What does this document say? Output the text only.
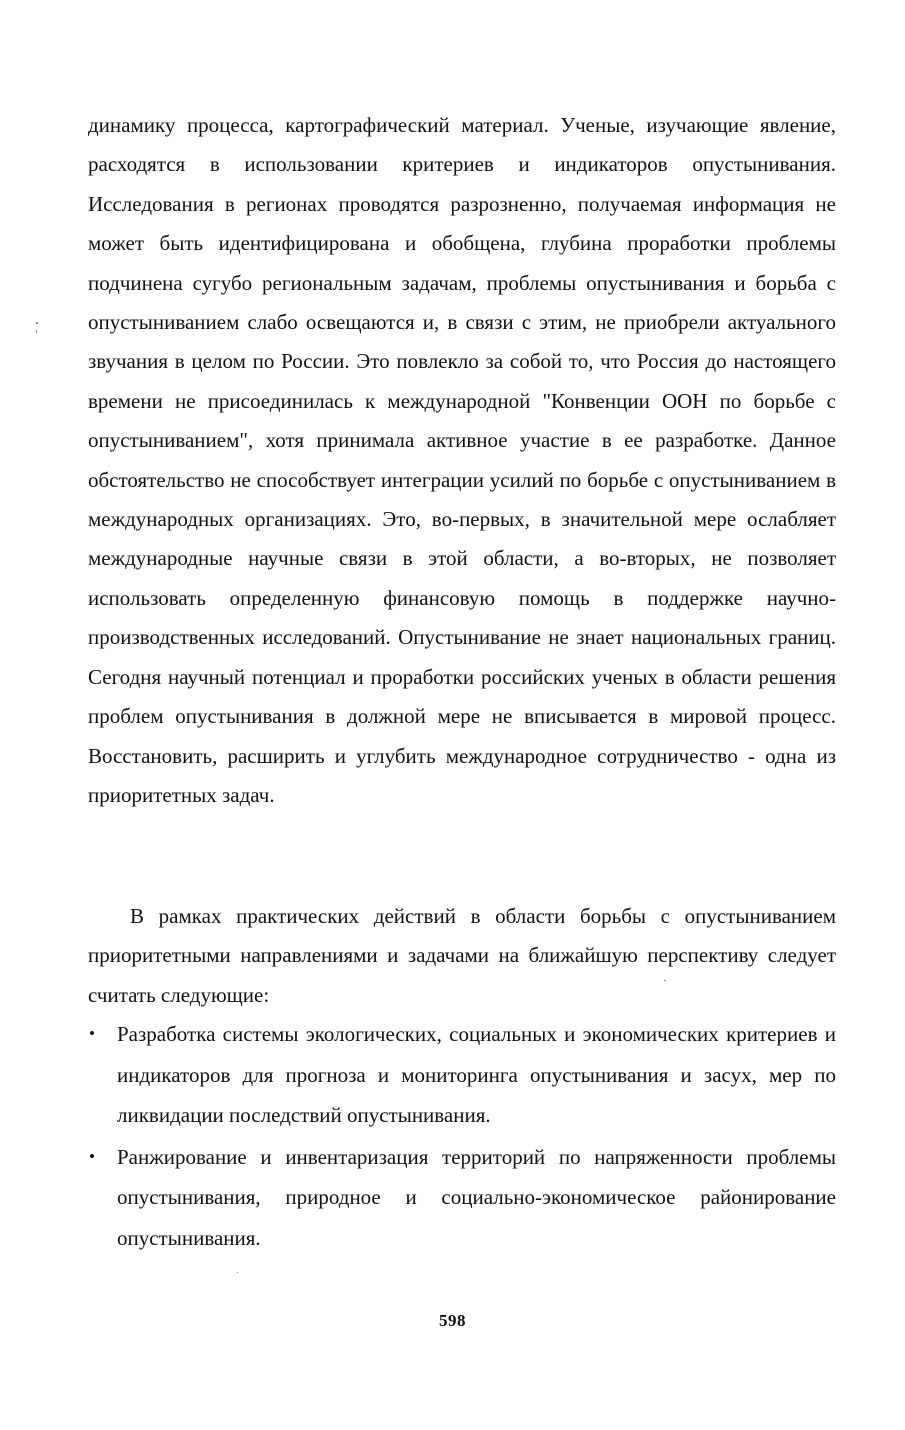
динамику процесса, картографический материал. Ученые, изучающие явление, расходятся в использовании критериев и индикаторов опустынивания. Исследования в регионах проводятся разрозненно, получаемая информация не может быть идентифицирована и обобщена, глубина проработки проблемы подчинена сугубо региональным задачам, проблемы опустынивания и борьба с опустыниванием слабо освещаются и, в связи с этим, не приобрели актуального звучания в целом по России. Это повлекло за собой то, что Россия до настоящего времени не присоединилась к международной "Конвенции ООН по борьбе с опустыниванием", хотя принимала активное участие в ее разработке. Данное обстоятельство не способствует интеграции усилий по борьбе с опустыниванием в международных организациях. Это, во-первых, в значительной мере ослабляет международные научные связи в этой области, а во-вторых, не позволяет использовать определенную финансовую помощь в поддержке научно-производственных исследований. Опустынивание не знает национальных границ. Сегодня научный потенциал и проработки российских ученых в области решения проблем опустынивания в должной мере не вписывается в мировой процесс. Восстановить, расширить и углубить международное сотрудничество - одна из приоритетных задач.

В рамках практических действий в области борьбы с опустыниванием приоритетными направлениями и задачами на ближайшую перспективу следует считать следующие:

• Разработка системы экологических, социальных и экономических критериев и индикаторов для прогноза и мониторинга опустынивания и засух, мер по ликвидации последствий опустынивания.
• Ранжирование и инвентаризация территорий по напряженности проблемы опустынивания, природное и социально-экономическое районирование опустынивания.
598
